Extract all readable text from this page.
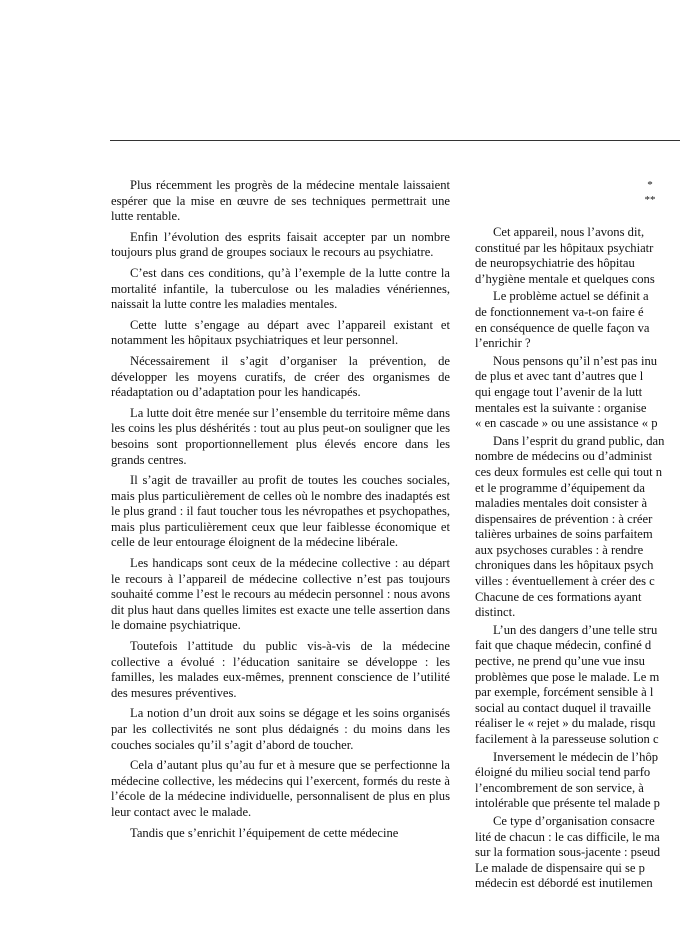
Plus récemment les progrès de la médecine mentale laissaient espérer que la mise en œuvre de ses techniques permettrait une lutte rentable.

Enfin l’évolution des esprits faisait accepter par un nombre toujours plus grand de groupes sociaux le recours au psychiatre.

C’est dans ces conditions, qu’à l’exemple de la lutte contre la mortalité infantile, la tuberculose ou les maladies vénériennes, naissait la lutte contre les maladies mentales.

Cette lutte s’engage au départ avec l’appareil existant et notamment les hôpitaux psychiatriques et leur personnel.

Nécessairement il s’agit d’organiser la prévention, de développer les moyens curatifs, de créer des organismes de réadaptation ou d’adaptation pour les handicapés.

La lutte doit être menée sur l’ensemble du territoire même dans les coins les plus déshérités : tout au plus peut-on souligner que les besoins sont proportionnellement plus élevés encore dans les grands centres.

Il s’agit de travailler au profit de toutes les couches sociales, mais plus particulièrement de celles où le nombre des inadaptés est le plus grand : il faut toucher tous les névropathes et psychopathes, mais plus particulièrement ceux que leur faiblesse économique et celle de leur entourage éloignent de la médecine libérale.

Les handicaps sont ceux de la médecine collective : au départ le recours à l’appareil de médecine collective n’est pas toujours souhaité comme l’est le recours au médecin personnel : nous avons dit plus haut dans quelles limites est exacte une telle assertion dans le domaine psychiatrique.

Toutefois l’attitude du public vis-à-vis de la médecine collective a évolué : l’éducation sanitaire se développe : les familles, les malades eux-mêmes, prennent conscience de l’utilité des mesures préventives.

La notion d’un droit aux soins se dégage et les soins organisés par les collectivités ne sont plus dédaignés : du moins dans les couches sociales qu’il s’agit d’abord de toucher.

Cela d’autant plus qu’au fur et à mesure que se perfectionne la médecine collective, les médecins qui l’exercent, formés du reste à l’école de la médecine individuelle, personnalisent de plus en plus leur contact avec le malade.

Tandis que s’enrichit l’équipement de cette médecine

*
**
Cet appareil, nous l’avons dit,
constitué par les hôpitaux psychiatr
de neuropsychiatrie des hôpitau
d’hygiène mentale et quelques cons
Le problème actuel se définit a
de fonctionnement va-t-on faire é
en conséquence de quelle façon va
l’enrichir ?
Nous pensons qu’il n’est pas inu
de plus et avec tant d’autres que l
qui engage tout l’avenir de la lutt
mentales est la suivante : organise
« en cascade » ou une assistance « p
Dans l’esprit du grand public, dan
nombre de médecins ou d’administ
ces deux formules est celle qui tout n
et le programme d’équipement da
maladies mentales doit consister à
dispensaires de prévention : à créer
talières urbaines de soins parfaitem
aux psychoses curables : à rendre
chroniques dans les hôpitaux psych
villes : éventuellement à créer des c
Chacune de ces formations ayant
distinct.
L’un des dangers d’une telle stru
fait que chaque médecin, confiné d
pective, ne prend qu’une vue insu
problèmes que pose le malade. Le m
par exemple, forcément sensible à l
social au contact duquel il travaille
réaliser le « rejet » du malade, risqu
facilement à la paresseuse solution c
Inversement le médecin de l’hôp
éloigné du milieu social tend parfo
l’encombrement de son service, à
intolérable que présente tel malade p
Ce type d’organisation consacre
lité de chacun : le cas difficile, le ma
sur la formation sous-jacente : pseud
Le malade de dispensaire qui se p
médecin est débordé est inutilemen
